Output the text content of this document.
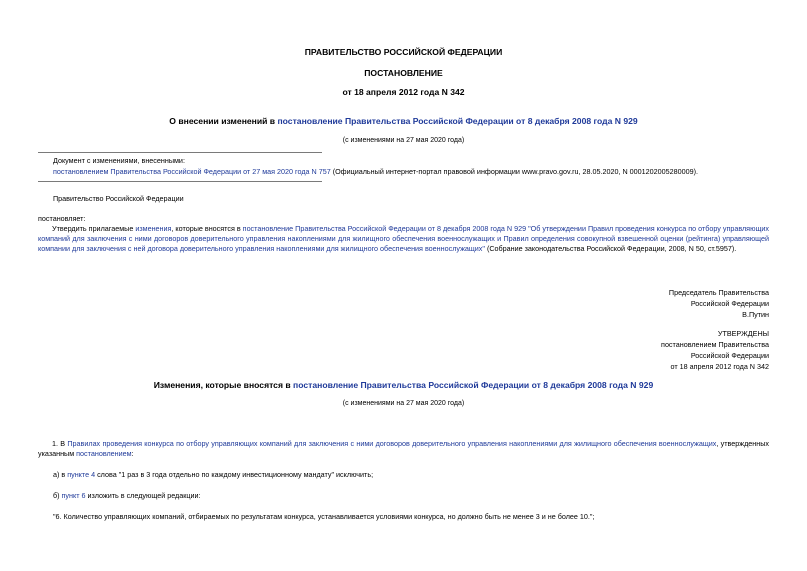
ПРАВИТЕЛЬСТВО РОССИЙСКОЙ ФЕДЕРАЦИИ
ПОСТАНОВЛЕНИЕ
от 18 апреля 2012 года N 342
О внесении изменений в постановление Правительства Российской Федерации от 8 декабря 2008 года N 929
(с изменениями на 27 мая 2020 года)
Документ с изменениями, внесенными:
постановлением Правительства Российской Федерации от 27 мая 2020 года N 757 (Официальный интернет-портал правовой информации www.pravo.gov.ru, 28.05.2020, N 0001202005280009).
Правительство Российской Федерации
постановляет:
Утвердить прилагаемые изменения, которые вносятся в постановление Правительства Российской Федерации от 8 декабря 2008 года N 929 "Об утверждении Правил проведения конкурса по отбору управляющих компаний для заключения с ними договоров доверительного управления накоплениями для жилищного обеспечения военнослужащих и Правил определения совокупной взвешенной оценки (рейтинга) управляющей компании для заключения с ней договора доверительного управления накоплениями для жилищного обеспечения военнослужащих" (Собрание законодательства Российской Федерации, 2008, N 50, ст.5957).
Председатель Правительства
Российской Федерации
В.Путин
УТВЕРЖДЕНЫ
постановлением Правительства
Российской Федерации
от 18 апреля 2012 года N 342
Изменения, которые вносятся в постановление Правительства Российской Федерации от 8 декабря 2008 года N 929
(с изменениями на 27 мая 2020 года)
1. В Правилах проведения конкурса по отбору управляющих компаний для заключения с ними договоров доверительного управления накоплениями для жилищного обеспечения военнослужащих, утвержденных указанным постановлением:
а) в пункте 4 слова "1 раз в 3 года отдельно по каждому инвестиционному мандату" исключить;
б) пункт 6 изложить в следующей редакции:
"6. Количество управляющих компаний, отбираемых по результатам конкурса, устанавливается условиями конкурса, но должно быть не менее 3 и не более 10.";
